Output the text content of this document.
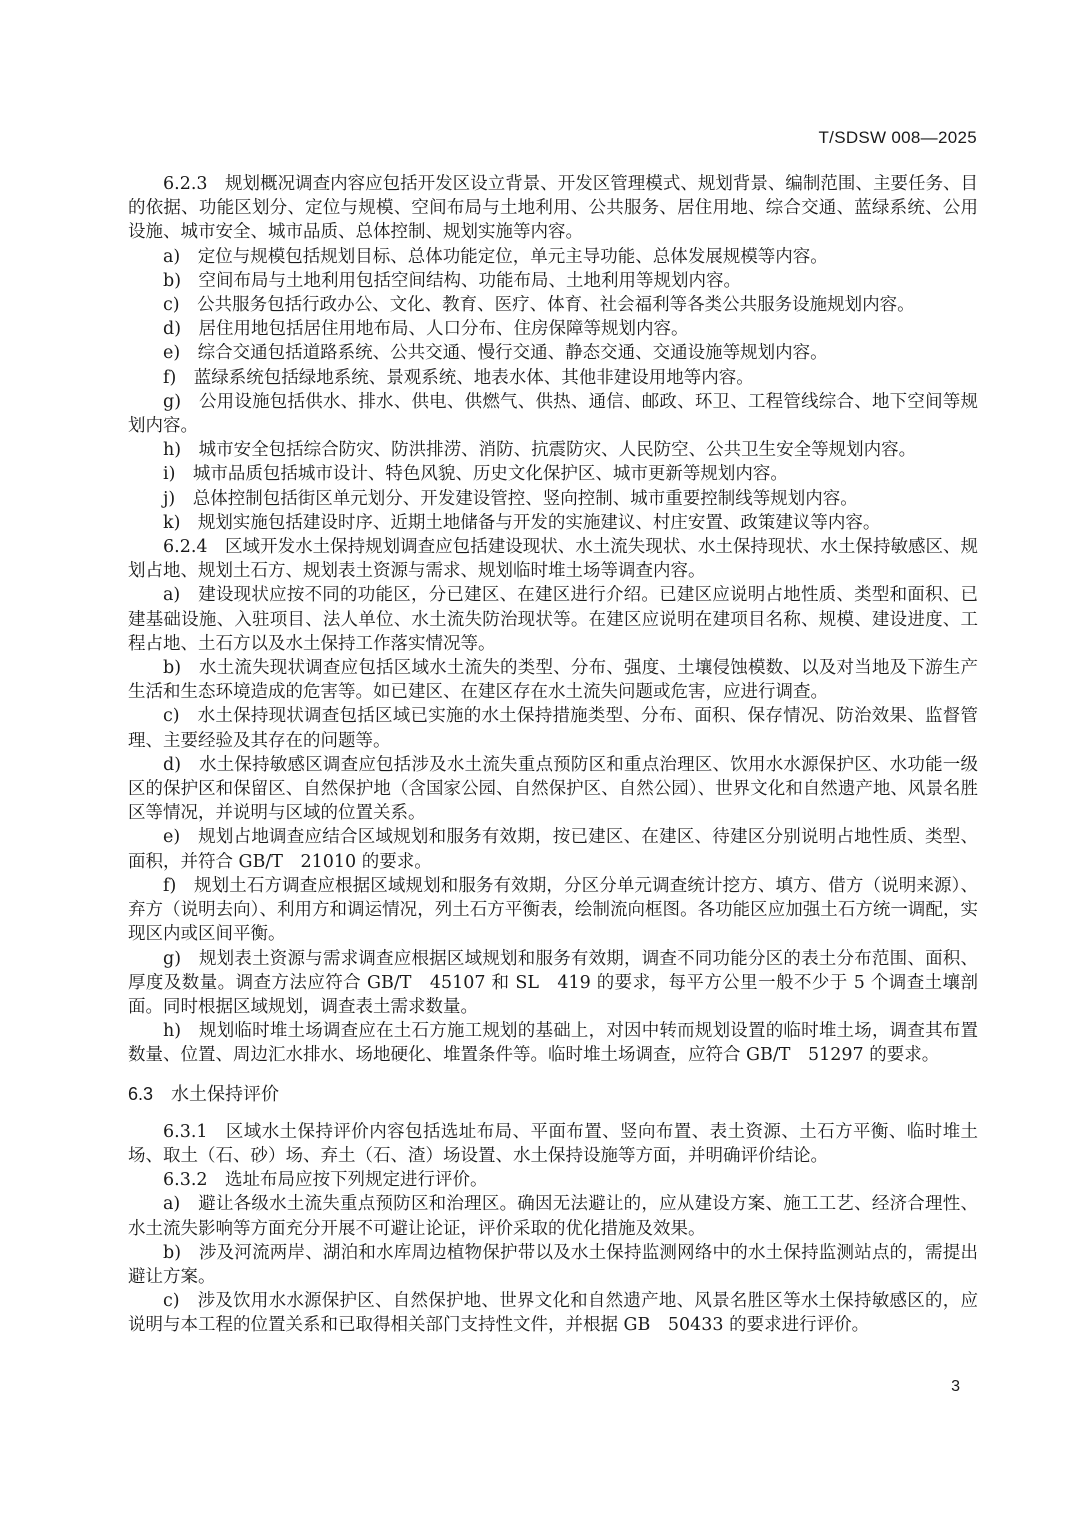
T/SDSW 008—2025

6.2.3　规划概况调查内容应包括开发区设立背景、开发区管理模式、规划背景、编制范围、主要任务、目的依据、功能区划分、定位与规模、空间布局与土地利用、公共服务、居住用地、综合交通、蓝绿系统、公用设施、城市安全、城市品质、总体控制、规划实施等内容。

a)　定位与规模包括规划目标、总体功能定位，单元主导功能、总体发展规模等内容。

b)　空间布局与土地利用包括空间结构、功能布局、土地利用等规划内容。

c)　公共服务包括行政办公、文化、教育、医疗、体育、社会福利等各类公共服务设施规划内容。

d)　居住用地包括居住用地布局、人口分布、住房保障等规划内容。

e)　综合交通包括道路系统、公共交通、慢行交通、静态交通、交通设施等规划内容。

f)　蓝绿系统包括绿地系统、景观系统、地表水体、其他非建设用地等内容。

g)　公用设施包括供水、排水、供电、供燃气、供热、通信、邮政、环卫、工程管线综合、地下空间等规划内容。

h)　城市安全包括综合防灾、防洪排涝、消防、抗震防灾、人民防空、公共卫生安全等规划内容。

i)　城市品质包括城市设计、特色风貌、历史文化保护区、城市更新等规划内容。

j)　总体控制包括街区单元划分、开发建设管控、竖向控制、城市重要控制线等规划内容。

k)　规划实施包括建设时序、近期土地储备与开发的实施建议、村庄安置、政策建议等内容。

6.2.4　区域开发水土保持规划调查应包括建设现状、水土流失现状、水土保持现状、水土保持敏感区、规划占地、规划土石方、规划表土资源与需求、规划临时堆土场等调查内容。

a)　建设现状应按不同的功能区，分已建区、在建区进行介绍。已建区应说明占地性质、类型和面积、已建基础设施、入驻项目、法人单位、水土流失防治现状等。在建区应说明在建项目名称、规模、建设进度、工程占地、土石方以及水土保持工作落实情况等。

b)　水土流失现状调查应包括区域水土流失的类型、分布、强度、土壤侵蚀模数、以及对当地及下游生产生活和生态环境造成的危害等。如已建区、在建区存在水土流失问题或危害，应进行调查。

c)　水土保持现状调查包括区域已实施的水土保持措施类型、分布、面积、保存情况、防治效果、监督管理、主要经验及其存在的问题等。

d)　水土保持敏感区调查应包括涉及水土流失重点预防区和重点治理区、饮用水水源保护区、水功能一级区的保护区和保留区、自然保护地（含国家公园、自然保护区、自然公园）、世界文化和自然遗产地、风景名胜区等情况，并说明与区域的位置关系。

e)　规划占地调查应结合区域规划和服务有效期，按已建区、在建区、待建区分别说明占地性质、类型、面积，并符合 GB/T　21010 的要求。

f)　规划土石方调查应根据区域规划和服务有效期，分区分单元调查统计挖方、填方、借方（说明来源）、弃方（说明去向）、利用方和调运情况，列土石方平衡表，绘制流向框图。各功能区应加强土石方统一调配，实现区内或区间平衡。

g)　规划表土资源与需求调查应根据区域规划和服务有效期，调查不同功能分区的表土分布范围、面积、厚度及数量。调查方法应符合 GB/T　45107 和 SL　419 的要求，每平方公里一般不少于 5 个调查土壤剖面。同时根据区域规划，调查表土需求数量。

h)　规划临时堆土场调查应在土石方施工规划的基础上，对因中转而规划设置的临时堆土场，调查其布置数量、位置、周边汇水排水、场地硬化、堆置条件等。临时堆土场调查，应符合 GB/T　51297 的要求。

6.3　水土保持评价

6.3.1　区域水土保持评价内容包括选址布局、平面布置、竖向布置、表土资源、土石方平衡、临时堆土场、取土（石、砂）场、弃土（石、渣）场设置、水土保持设施等方面，并明确评价结论。

6.3.2　选址布局应按下列规定进行评价。

a)　避让各级水土流失重点预防区和治理区。确因无法避让的，应从建设方案、施工工艺、经济合理性、水土流失影响等方面充分开展不可避让论证，评价采取的优化措施及效果。

b)　涉及河流两岸、湖泊和水库周边植物保护带以及水土保持监测网络中的水土保持监测站点的，需提出避让方案。

c)　涉及饮用水水源保护区、自然保护地、世界文化和自然遗产地、风景名胜区等水土保持敏感区的，应说明与本工程的位置关系和已取得相关部门支持性文件，并根据 GB　50433 的要求进行评价。

3
